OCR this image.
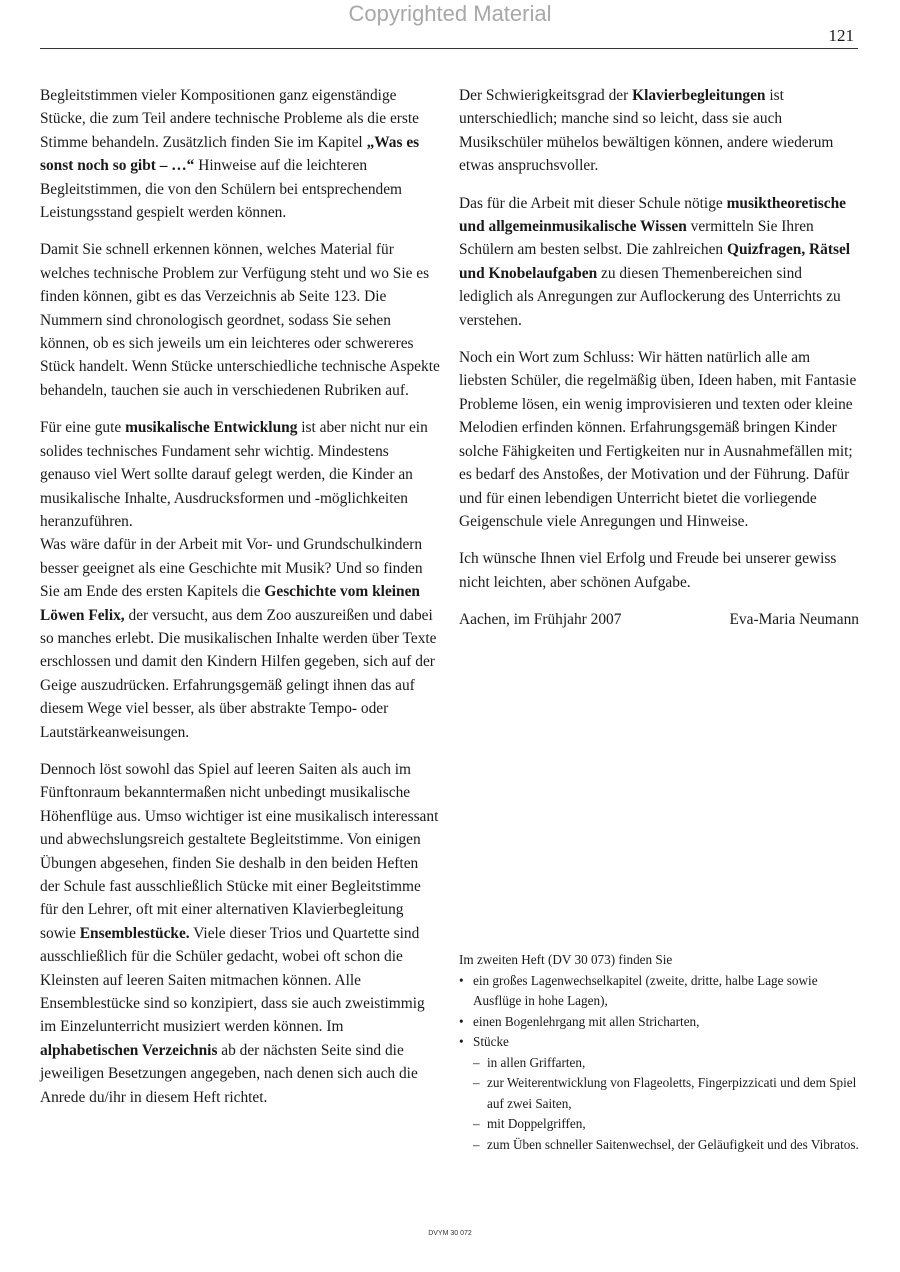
Copyrighted Material
121

Begleitstimmen vieler Kompositionen ganz eigenständige Stücke, die zum Teil andere technische Probleme als die erste Stimme behandeln. Zusätzlich finden Sie im Kapitel „Was es sonst noch so gibt – …“ Hinweise auf die leichteren Begleitstimmen, die von den Schülern bei entsprechendem Leistungsstand gespielt werden können.

Damit Sie schnell erkennen können, welches Material für welches technische Problem zur Verfügung steht und wo Sie es finden können, gibt es das Verzeichnis ab Seite 123. Die Nummern sind chronologisch geordnet, sodass Sie sehen können, ob es sich jeweils um ein leichteres oder schwereres Stück handelt. Wenn Stücke unterschiedliche technische Aspekte behandeln, tauchen sie auch in verschiedenen Rubriken auf.

Für eine gute musikalische Entwicklung ist aber nicht nur ein solides technisches Fundament sehr wichtig. Mindestens genauso viel Wert sollte darauf gelegt werden, die Kinder an musikalische Inhalte, Ausdrucksformen und -möglichkeiten heranzuführen.

Was wäre dafür in der Arbeit mit Vor- und Grundschulkindern besser geeignet als eine Geschichte mit Musik? Und so finden Sie am Ende des ersten Kapitels die Geschichte vom kleinen Löwen Felix, der versucht, aus dem Zoo auszureißen und dabei so manches erlebt. Die musikalischen Inhalte werden über Texte erschlossen und damit den Kindern Hilfen gegeben, sich auf der Geige auszudrücken. Erfahrungsgemäß gelingt ihnen das auf diesem Wege viel besser, als über abstrakte Tempo- oder Lautstärkeanweisungen.

Dennoch löst sowohl das Spiel auf leeren Saiten als auch im Fünftonraum bekanntermaßen nicht unbedingt musikalische Höhenflüge aus. Umso wichtiger ist eine musikalisch interessant und abwechslungsreich gestaltete Begleitstimme. Von einigen Übungen abgesehen, finden Sie deshalb in den beiden Heften der Schule fast ausschließlich Stücke mit einer Begleitstimme für den Lehrer, oft mit einer alternativen Klavierbegleitung sowie Ensemblestücke. Viele dieser Trios und Quartette sind ausschließlich für die Schüler gedacht, wobei oft schon die Kleinsten auf leeren Saiten mitmachen können. Alle Ensemblestücke sind so konzipiert, dass sie auch zweistimmig im Einzelunterricht musiziert werden können. Im alphabetischen Verzeichnis ab der nächsten Seite sind die jeweiligen Besetzungen angegeben, nach denen sich auch die Anrede du/ihr in diesem Heft richtet.

Der Schwierigkeitsgrad der Klavierbegleitungen ist unterschiedlich; manche sind so leicht, dass sie auch Musikschüler mühelos bewältigen können, andere wiederum etwas anspruchsvoller.

Das für die Arbeit mit dieser Schule nötige musiktheoretische und allgemeinmusikalische Wissen vermitteln Sie Ihren Schülern am besten selbst. Die zahlreichen Quizfragen, Rätsel und Knobelaufgaben zu diesen Themenbereichen sind lediglich als Anregungen zur Auflockerung des Unterrichts zu verstehen.

Noch ein Wort zum Schluss: Wir hätten natürlich alle am liebsten Schüler, die regelmäßig üben, Ideen haben, mit Fantasie Probleme lösen, ein wenig improvisieren und texten oder kleine Melodien erfinden können. Erfahrungsgemäß bringen Kinder solche Fähigkeiten und Fertigkeiten nur in Ausnahmefällen mit; es bedarf des Anstoßes, der Motivation und der Führung. Dafür und für einen lebendigen Unterricht bietet die vorliegende Geigenschule viele Anregungen und Hinweise.

Ich wünsche Ihnen viel Erfolg und Freude bei unserer gewiss nicht leichten, aber schönen Aufgabe.

Aachen, im Frühjahr 2007	Eva-Maria Neumann
Im zweiten Heft (DV 30 073) finden Sie
• ein großes Lagenwechselkapitel (zweite, dritte, halbe Lage sowie Ausflüge in hohe Lagen),
• einen Bogenlehrgang mit allen Stricharten,
• Stücke
– in allen Griffarten,
– zur Weiterentwicklung von Flageoletts, Fingerpizzicati und dem Spiel auf zwei Saiten,
– mit Doppelgriffen,
– zum Üben schneller Saitenwechsel, der Geläufigkeit und des Vibratos.
DVYM 30 072
